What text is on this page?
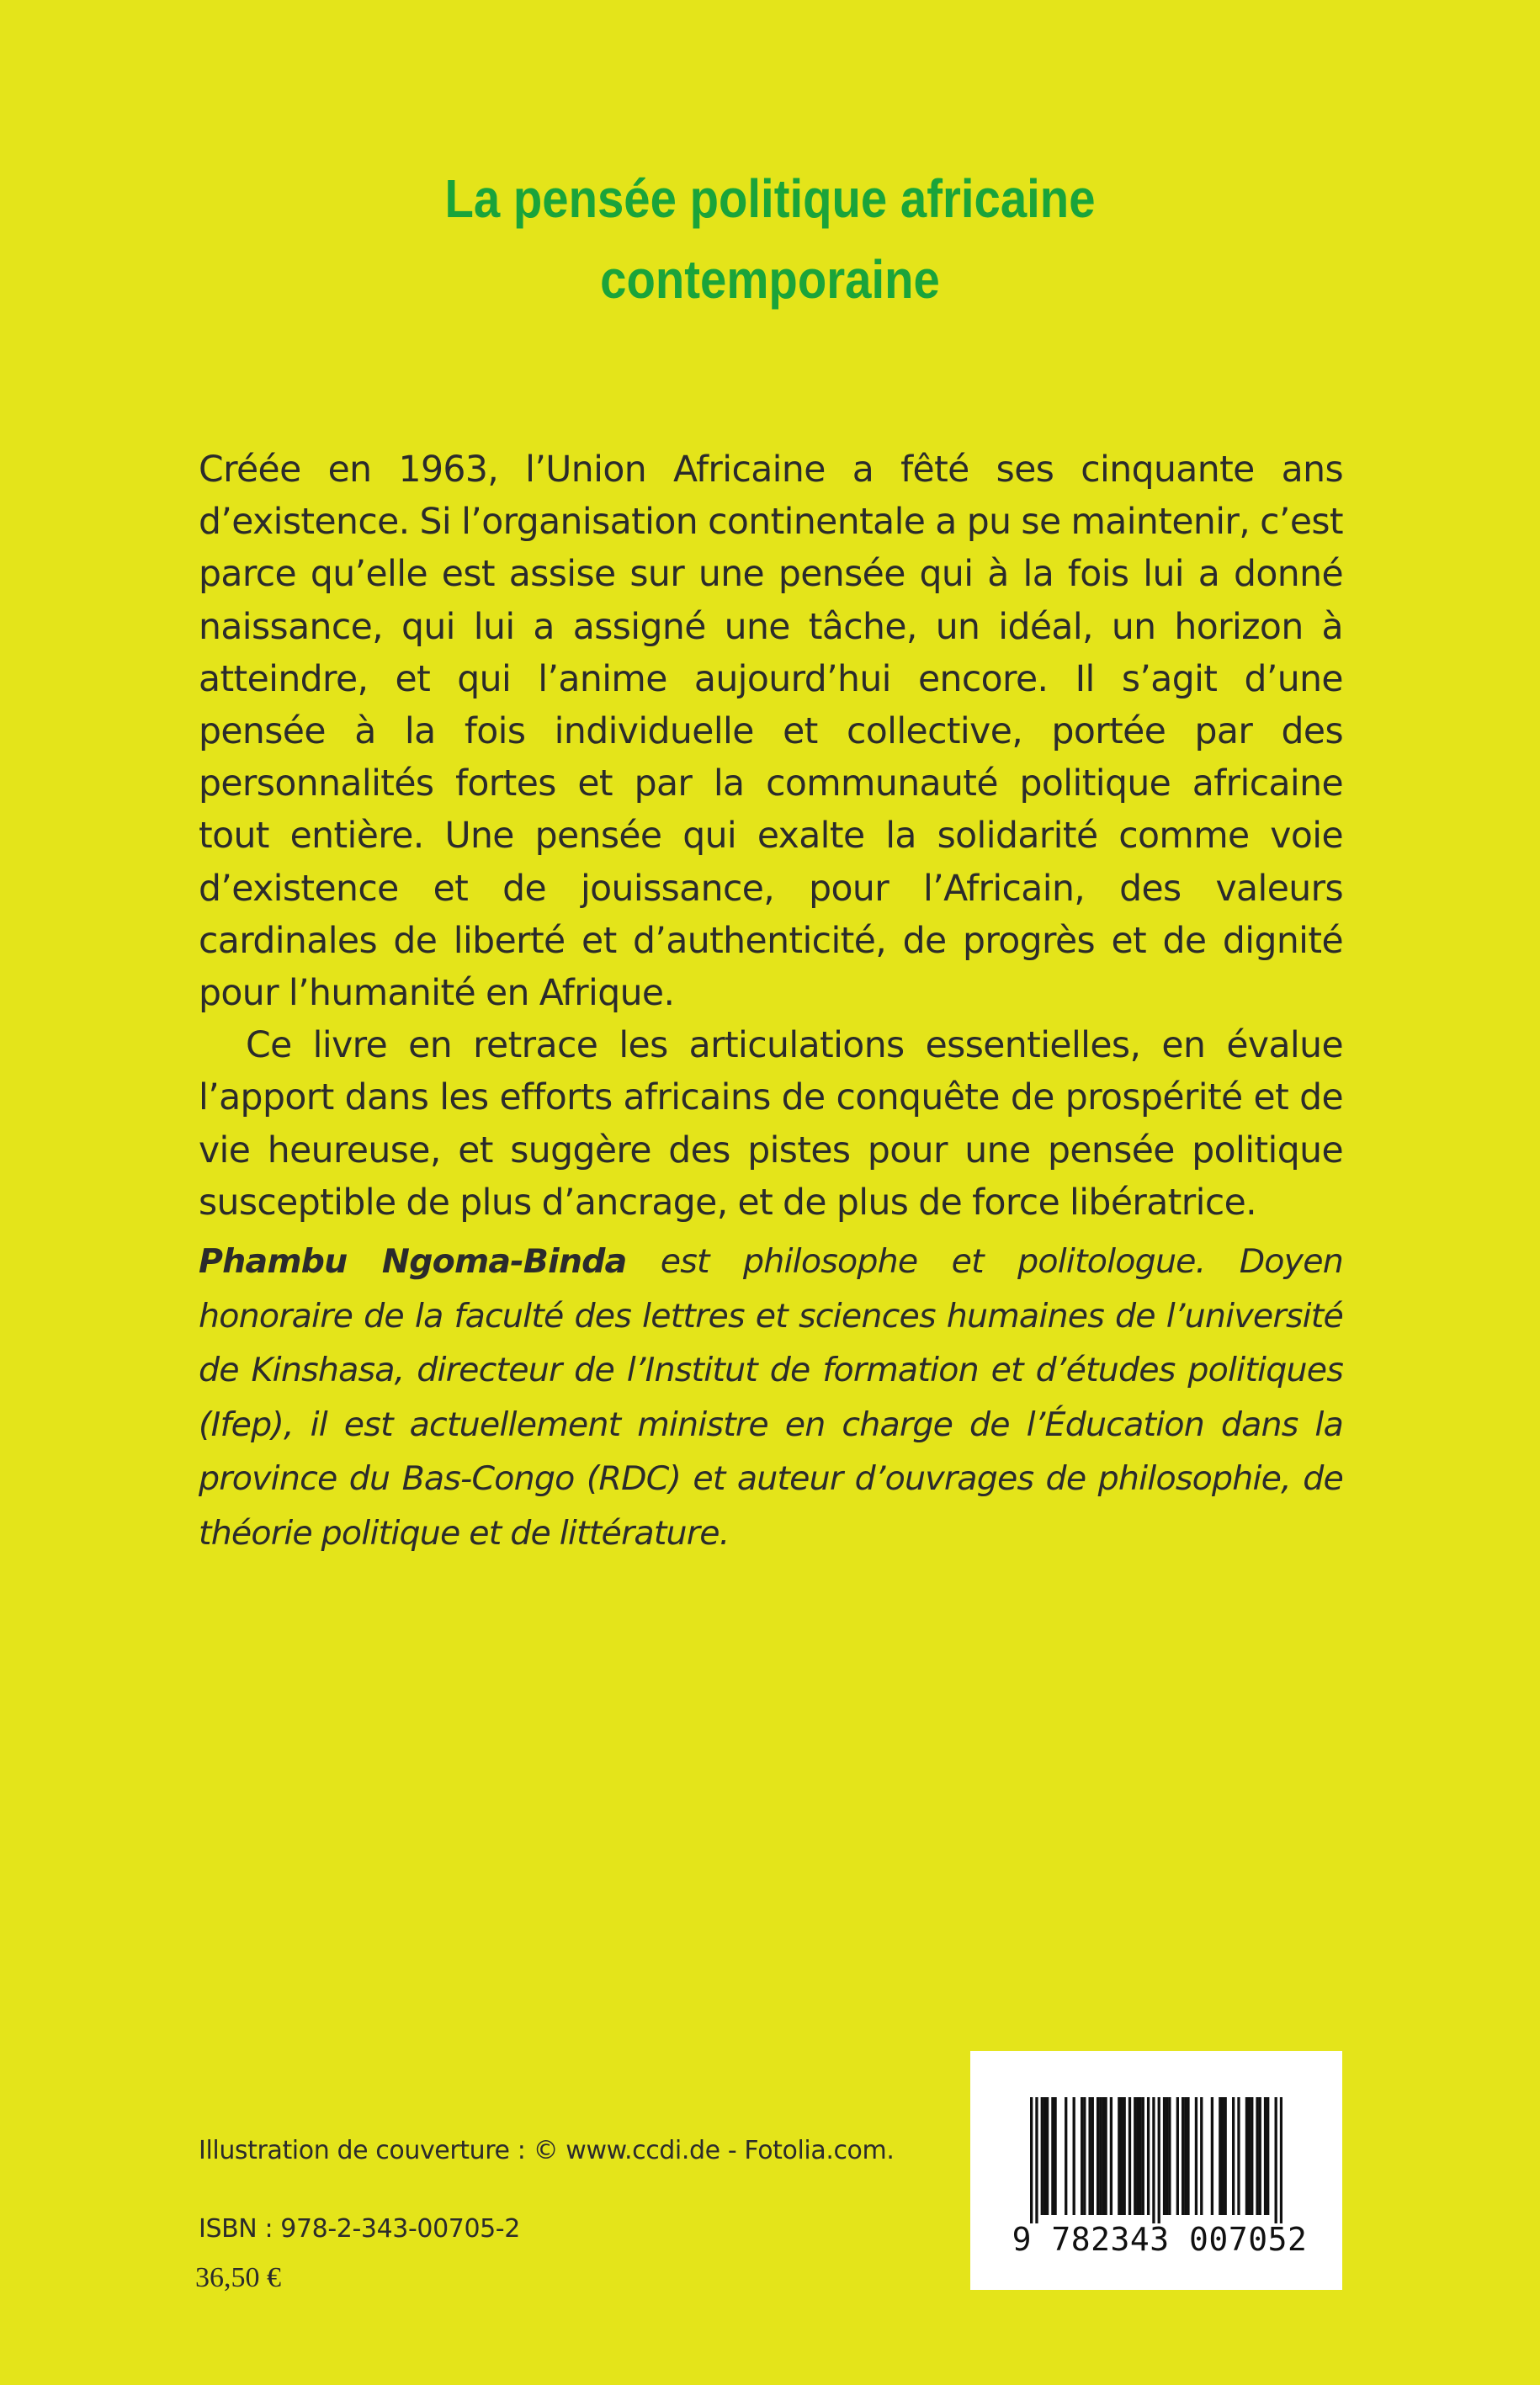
La pensée politique africaine
contemporaine

Créée en 1963, l’Union Africaine a fêté ses cinquante ans d’existence. Si l’organisation continentale a pu se maintenir, c’est parce qu’elle est assise sur une pensée qui à la fois lui a donné naissance, qui lui a assigné une tâche, un idéal, un horizon à atteindre, et qui l’anime aujourd’hui encore. Il s’agit d’une pensée à la fois individuelle et collective, portée par des personnalités fortes et par la communauté politique africaine tout entière. Une pensée qui exalte la solidarité comme voie d’existence et de jouissance, pour l’Africain, des valeurs cardinales de liberté et d’authenticité, de progrès et de dignité pour l’humanité en Afrique.

Ce livre en retrace les articulations essentielles, en évalue l’apport dans les efforts africains de conquête de prospérité et de vie heureuse, et suggère des pistes pour une pensée politique susceptible de plus d’ancrage, et de plus de force libératrice.

Phambu Ngoma-Binda est philosophe et politologue. Doyen honoraire de la faculté des lettres et sciences humaines de l’université de Kinshasa, directeur de l’Institut de formation et d’études politiques (Ifep), il est actuellement ministre en charge de l’Éducation dans la province du Bas-Congo (RDC) et auteur d’ouvrages de philosophie, de théorie politique et de littérature.

Illustration de couverture : © www.ccdi.de - Fotolia.com.
ISBN : 978-2-343-00705-2
36,50 €
9 782343 007052
